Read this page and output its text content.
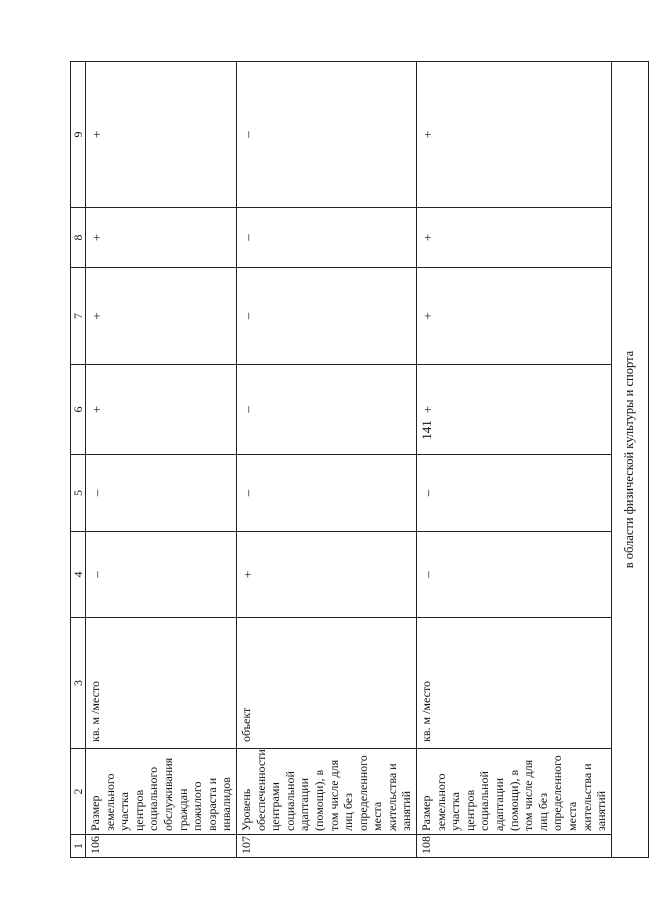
141
1	2	3	4	5	6	7	8	9
106.	Размер земельного участка центров социального обслуживания граждан пожилого возраста и инвалидов	кв. м /место	–	–	+	+	+	+
107.	Уровень обеспеченности центрами социальной адаптации (помощи), в том числе для лиц без определенного места жительства и занятий	объект	+	–	–	–	–	–
108.	Размер земельного участка центров социальной адаптации (помощи), в том числе для лиц без определенного места жительства и занятий	кв. м /место	–	–	+	+	+	+
в области физической культуры и спорта								
